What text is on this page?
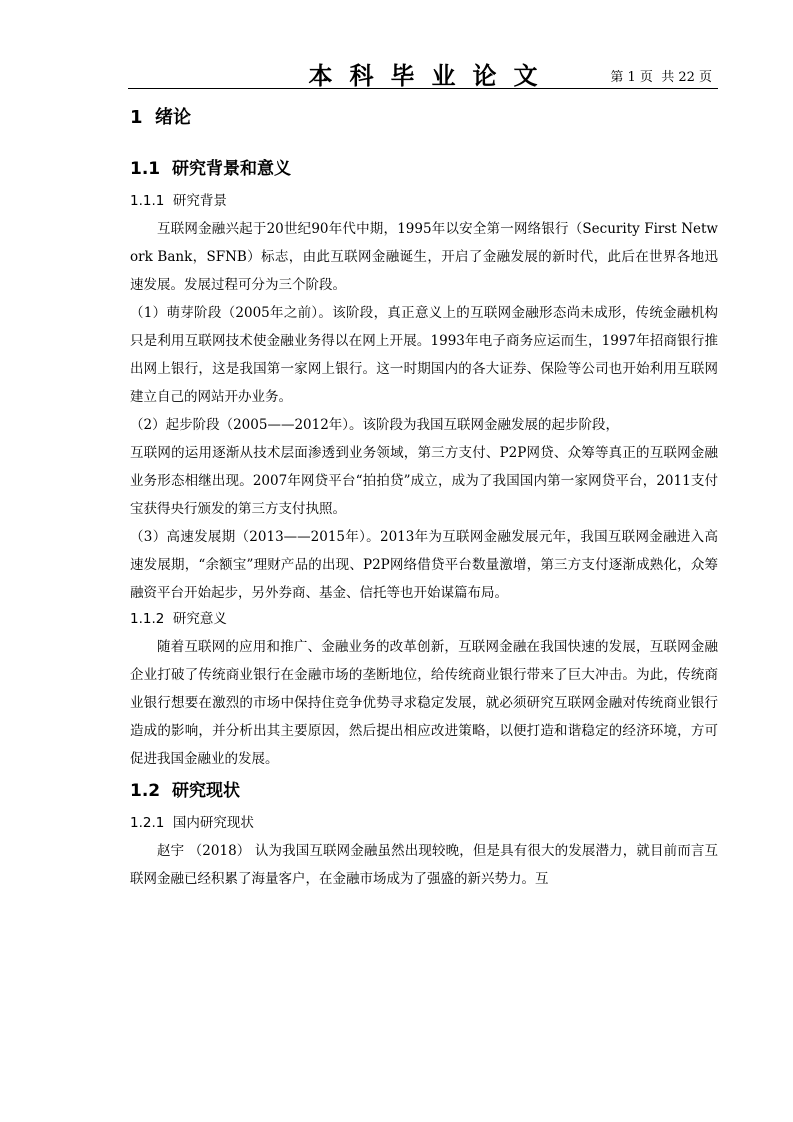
本科毕业论文	第 1 页  共 22 页
1  绪论
1.1  研究背景和意义
1.1.1  研究背景

互联网金融兴起于20世纪90年代中期，1995年以安全第一网络银行（Security First Network Bank，SFNB）标志，由此互联网金融诞生，开启了金融发展的新时代，此后在世界各地迅速发展。发展过程可分为三个阶段。

（1）萌芽阶段（2005年之前）。该阶段，真正意义上的互联网金融形态尚未成形，传统金融机构只是利用互联网技术使金融业务得以在网上开展。1993年电子商务应运而生，1997年招商银行推出网上银行，这是我国第一家网上银行。这一时期国内的各大证券、保险等公司也开始利用互联网建立自己的网站开办业务。

（2）起步阶段（2005——2012年）。该阶段为我国互联网金融发展的起步阶段，

互联网的运用逐渐从技术层面渗透到业务领域，第三方支付、P2P网贷、众筹等真正的互联网金融业务形态相继出现。2007年网贷平台“拍拍贷”成立，成为了我国国内第一家网贷平台，2011支付宝获得央行颁发的第三方支付执照。

（3）高速发展期（2013——2015年）。2013年为互联网金融发展元年，我国互联网金融进入高速发展期，“余额宝”理财产品的出现、P2P网络借贷平台数量激增，第三方支付逐渐成熟化，众筹融资平台开始起步，另外券商、基金、信托等也开始谋篇布局。

1.1.2  研究意义

随着互联网的应用和推广、金融业务的改革创新，互联网金融在我国快速的发展，互联网金融企业打破了传统商业银行在金融市场的垄断地位，给传统商业银行带来了巨大冲击。为此，传统商业银行想要在激烈的市场中保持住竞争优势寻求稳定发展，就必须研究互联网金融对传统商业银行造成的影响，并分析出其主要原因，然后提出相应改进策略，以便打造和谐稳定的经济环境，方可促进我国金融业的发展。

1.2  研究现状
1.2.1  国内研究现状

赵宇 （2018） 认为我国互联网金融虽然出现较晚，但是具有很大的发展潜力，就目前而言互联网金融已经积累了海量客户，在金融市场成为了强盛的新兴势力。互
